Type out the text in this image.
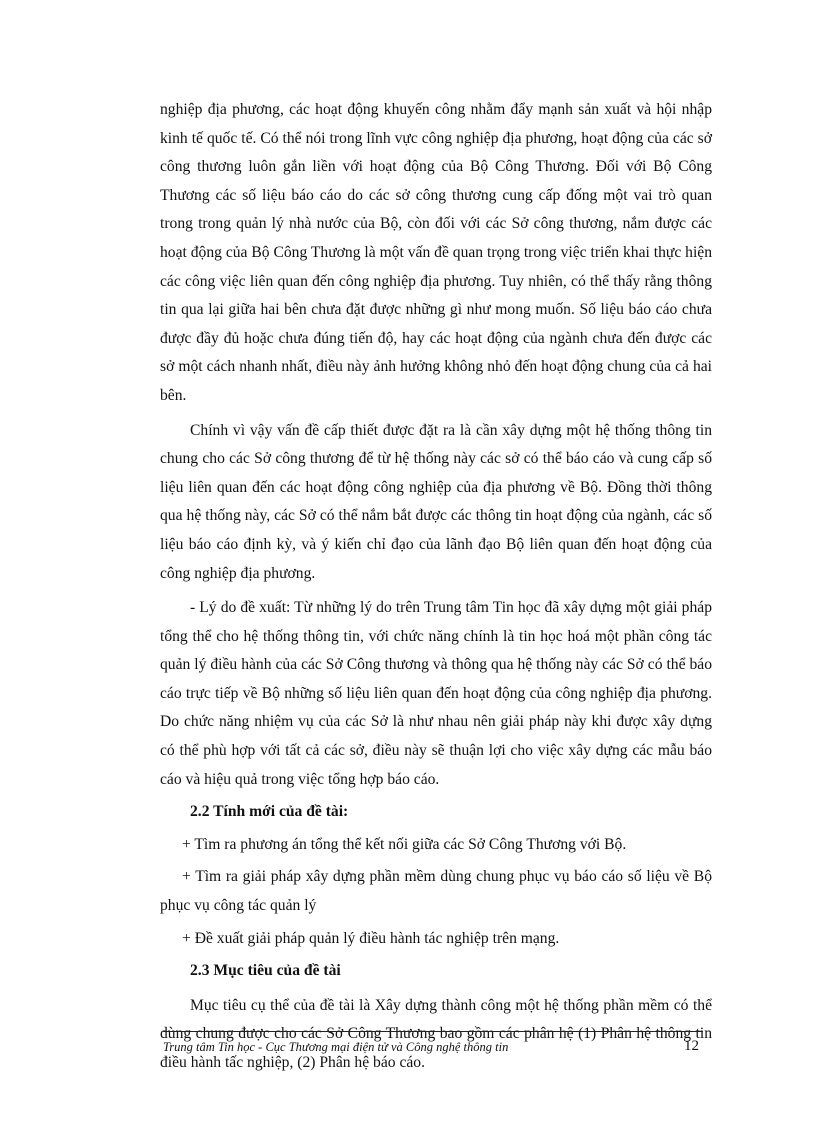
nghiệp địa phương, các hoạt động khuyến công nhằm đẩy mạnh sản xuất và hội nhập kinh tế quốc tế. Có thể nói trong lĩnh vực công nghiệp địa phương, hoạt động của các sở công thương luôn gắn liền với hoạt động của Bộ Công Thương. Đối với Bộ Công Thương các số liệu báo cáo do các sở công thương cung cấp đống một vai trò quan trong trong quản lý nhà nước của Bộ, còn đối với các Sở công thương, nắm được các hoạt động của Bộ Công Thương là một vấn đề quan trọng trong việc triển khai thực hiện các công việc liên quan đến công nghiệp địa phương. Tuy nhiên, có thể thấy rằng thông tin qua lại giữa hai bên chưa đặt được những gì như mong muốn. Số liệu báo cáo chưa được đầy đủ hoặc chưa đúng tiến độ, hay các hoạt động của ngành chưa đến được các sở một cách nhanh nhất, điều này ảnh hưởng không nhỏ đến hoạt động chung của cả hai bên.

Chính vì vậy vấn đề cấp thiết được đặt ra là cần xây dựng một hệ thống thông tin chung cho các Sở công thương để từ hệ thống này các sở có thể báo cáo và cung cấp số liệu liên quan đến các hoạt động công nghiệp của địa phương về Bộ. Đồng thời thông qua hệ thống này, các Sở có thể nắm bắt được các thông tin hoạt động của ngành, các số liệu báo cáo định kỳ, và ý kiến chỉ đạo của lãnh đạo Bộ liên quan đến hoạt động của công nghiệp địa phương.

- Lý do đề xuất: Từ những lý do trên Trung tâm Tin học đã xây dựng một giải pháp tổng thể cho hệ thống thông tin, với chức năng chính là tin học hoá một phần công tác quản lý điều hành của các Sở Công thương và thông qua hệ thống này các Sở có thể báo cáo trực tiếp về Bộ những số liệu liên quan đến hoạt động của công nghiệp địa phương. Do chức năng nhiệm vụ của các Sở là như nhau nên giải pháp này khi được xây dựng có thể phù hợp với tất cả các sở, điều này sẽ thuận lợi cho việc xây dựng các mẫu báo cáo và hiệu quả trong việc tổng hợp báo cáo.

2.2 Tính mới của đề tài:

+ Tìm ra phương án tổng thể kết nối giữa các Sở Công Thương với Bộ.

+ Tìm ra giải pháp xây dựng phần mềm dùng chung phục vụ báo cáo số liệu về Bộ phục vụ công tác quản lý

+ Đề xuất giải pháp quản lý điều hành tác nghiệp trên mạng.

2.3 Mục tiêu của đề tài

Mục tiêu cụ thể của đề tài là Xây dựng thành công một hệ thống phần mềm có thể dùng chung được cho các Sở Công Thương bao gồm các phân hệ (1) Phân hệ thông tin điều hành tấc nghiệp, (2) Phân hệ báo cáo.

Trung tâm Tin học - Cục Thương mại điện tử và Công nghệ thông tin	12
